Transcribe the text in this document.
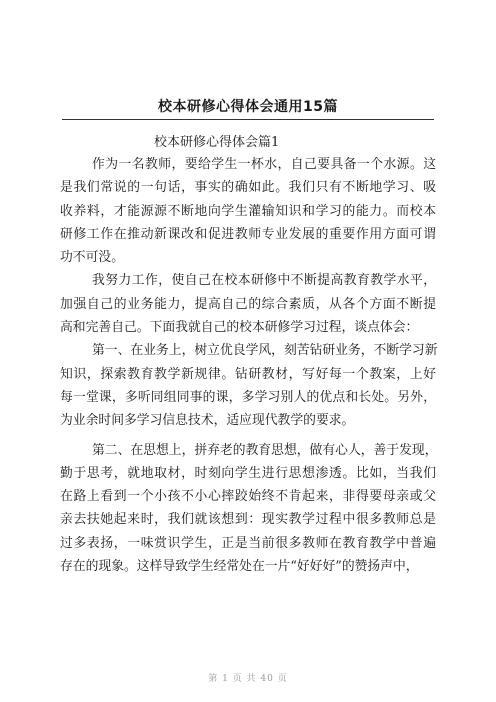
校本研修心得体会通用15篇
校本研修心得体会篇1
作为一名教师，要给学生一杯水，自己要具备一个水源。这
是我们常说的一句话，事实的确如此。我们只有不断地学习、吸
收养料，才能源源不断地向学生灌输知识和学习的能力。而校本
研修工作在推动新课改和促进教师专业发展的重要作用方面可谓
功不可没。
我努力工作，使自己在校本研修中不断提高教育教学水平，
加强自己的业务能力，提高自己的综合素质，从各个方面不断提
高和完善自己。下面我就自己的校本研修学习过程，谈点体会：
第一、在业务上，树立优良学风，刻苦钻研业务，不断学习新
知识，探索教育教学新规律。钻研教材，写好每一个教案，上好
每一堂课，多听同组同事的课，多学习别人的优点和长处。另外，
为业余时间多学习信息技术，适应现代教学的要求。
第二、在思想上，拼弃老的教育思想，做有心人，善于发现，
勤于思考，就地取材，时刻向学生进行思想渗透。比如，当我们
在路上看到一个小孩不小心摔跤始终不肯起来，非得要母亲或父
亲去扶她起来时，我们就该想到：现实教学过程中很多教师总是
过多表扬，一味赏识学生，正是当前很多教师在教育教学中普遍
存在的现象。这样导致学生经常处在一片“好好好”的赞扬声中，
第 1 页 共 40 页
